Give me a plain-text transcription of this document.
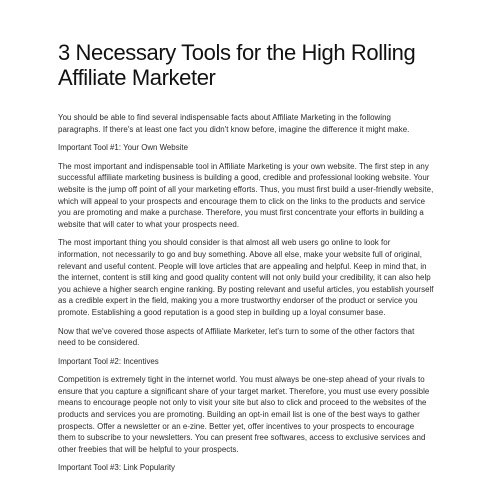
3 Necessary Tools for the High Rolling Affiliate Marketer

You should be able to find several indispensable facts about Affiliate Marketing in the following paragraphs. If there's at least one fact you didn't know before, imagine the difference it might make.

Important Tool #1: Your Own Website

The most important and indispensable tool in Affiliate Marketing is your own website. The first step in any successful affiliate marketing business is building a good, credible and professional looking website. Your website is the jump off point of all your marketing efforts. Thus, you must first build a user-friendly website, which will appeal to your prospects and encourage them to click on the links to the products and service you are promoting and make a purchase. Therefore, you must first concentrate your efforts in building a website that will cater to what your prospects need.

The most important thing you should consider is that almost all web users go online to look for information, not necessarily to go and buy something. Above all else, make your website full of original, relevant and useful content. People will love articles that are appealing and helpful. Keep in mind that, in the internet, content is still king and good quality content will not only build your credibility, it can also help you achieve a higher search engine ranking. By posting relevant and useful articles, you establish yourself as a credible expert in the field, making you a more trustworthy endorser of the product or service you promote. Establishing a good reputation is a good step in building up a loyal consumer base.

Now that we've covered those aspects of Affiliate Marketer, let's turn to some of the other factors that need to be considered.

Important Tool #2: Incentives

Competition is extremely tight in the internet world. You must always be one-step ahead of your rivals to ensure that you capture a significant share of your target market. Therefore, you must use every possible means to encourage people not only to visit your site but also to click and proceed to the websites of the products and services you are promoting. Building an opt-in email list is one of the best ways to gather prospects. Offer a newsletter or an e-zine. Better yet, offer incentives to your prospects to encourage them to subscribe to your newsletters. You can present free softwares, access to exclusive services and other freebies that will be helpful to your prospects.

Important Tool #3: Link Popularity
